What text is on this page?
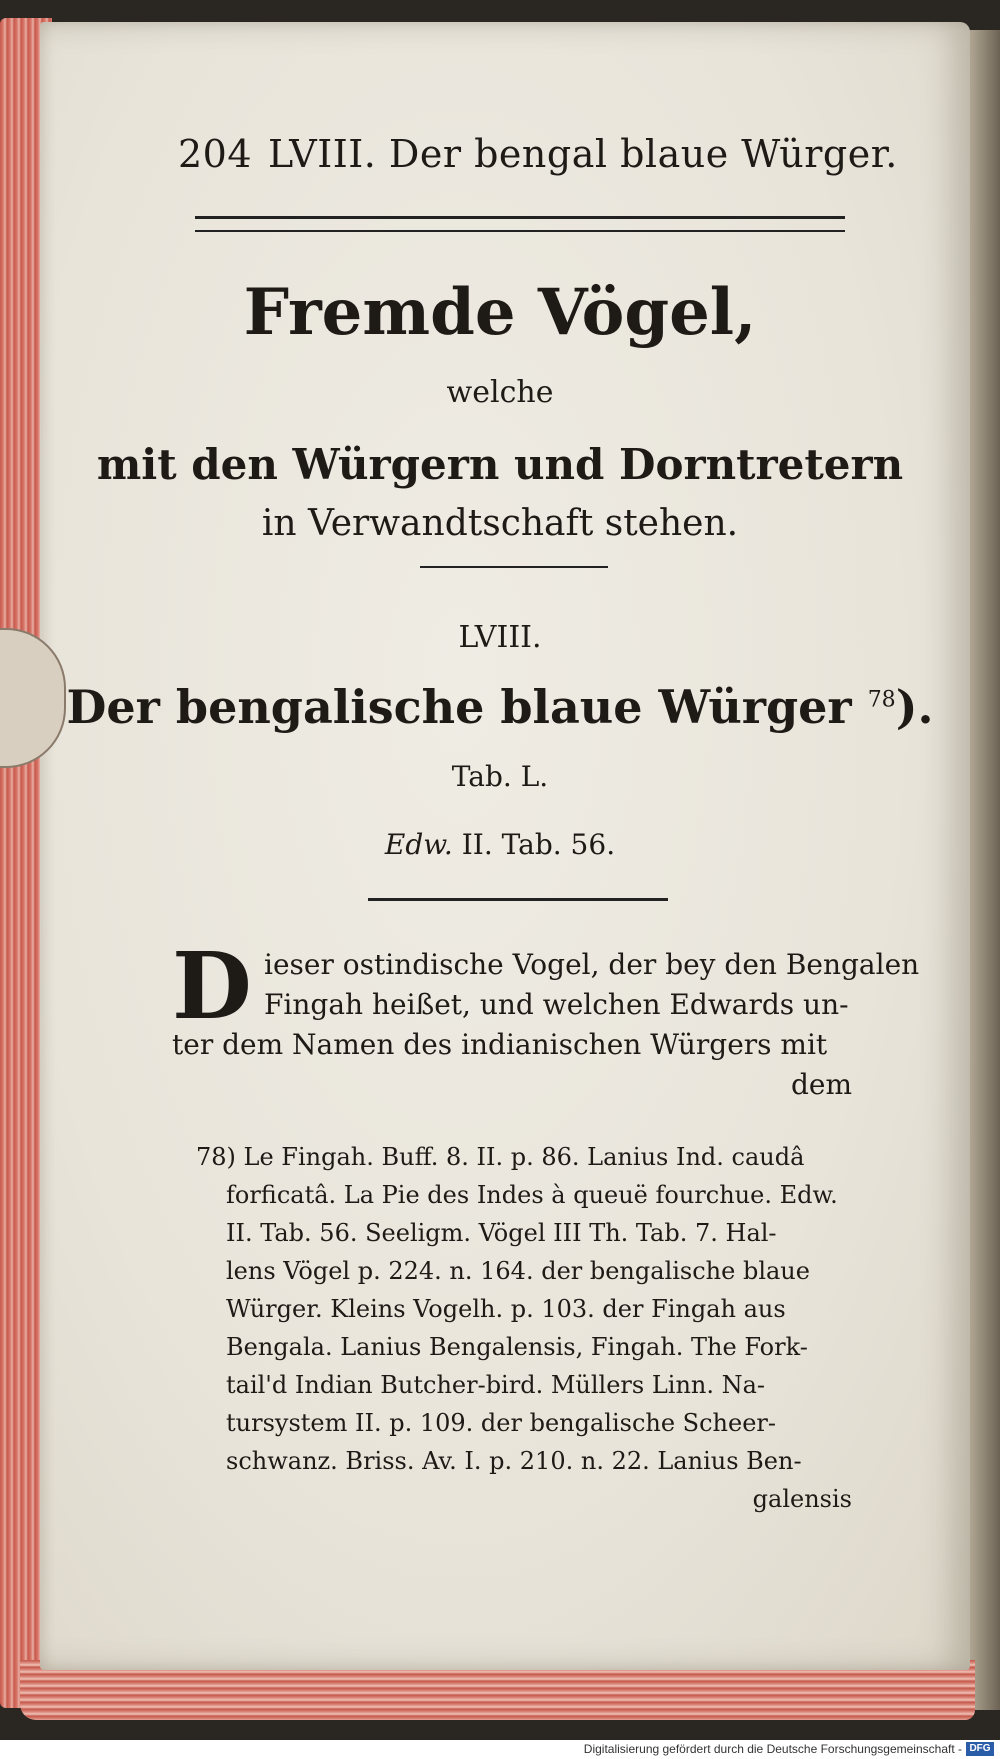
204 LVIII. Der bengal blaue Würger.
Fremde Vögel,
welche
mit den Würgern und Dorntretern
in Verwandtschaft stehen.
LVIII.
Der bengalische blaue Würger $^{78}$).
Tab. L.
Edw. II. Tab. 56.
D ieser ostindische Vogel, der bey den Bengalen
Fingah heißet, und welchen Edwards un-
ter dem Namen des indianischen Würgers mit
dem
78) Le Fingah. Buff. 8. II. p. 86. Lanius Ind. caudâ
forficatâ. La Pie des Indes à queuë fourchue. Edw.
II. Tab. 56. Seeligm. Vögel III Th. Tab. 7. Hal-
lens Vögel p. 224. n. 164. der bengalische blaue
Würger. Kleins Vogelh. p. 103. der Fingah aus
Bengala. Lanius Bengalensis, Fingah. The Fork-
tail'd Indian Butcher-bird. Müllers Linn. Na-
tursystem II. p. 109. der bengalische Scheer-
schwanz. Briss. Av. I. p. 210. n. 22. Lanius Ben-
galensis
Digitalisierung gefördert durch die Deutsche Forschungsgemeinschaft - DFG
